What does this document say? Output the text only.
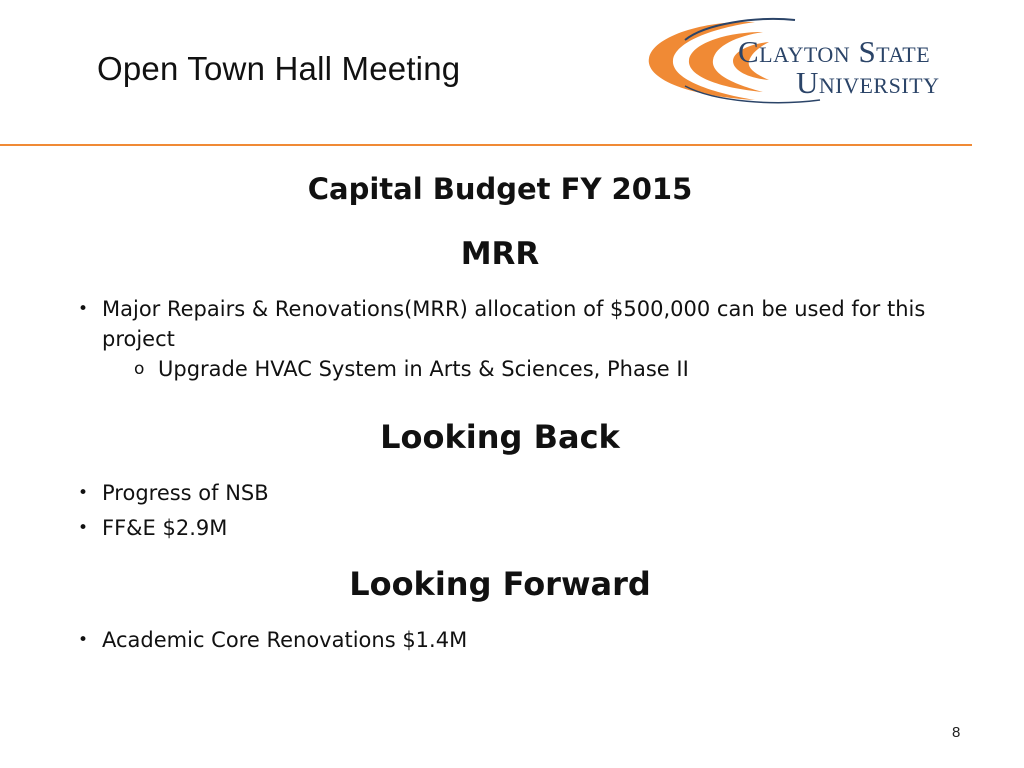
Open Town Hall Meeting	Clayton State
University
Capital Budget FY 2015
MRR
• Major Repairs & Renovations(MRR) allocation of $500,000 can be used for this project
o Upgrade HVAC System in Arts & Sciences, Phase II
Looking Back
• Progress of NSB
• FF&E $2.9M
Looking Forward
• Academic Core Renovations $1.4M
8
